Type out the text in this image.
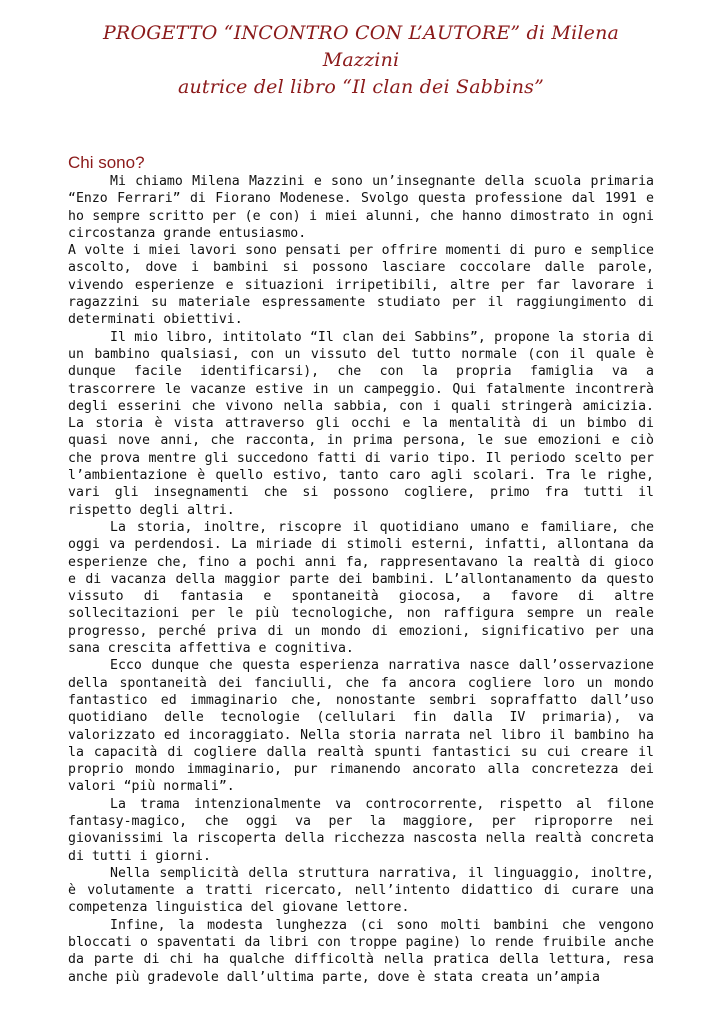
PROGETTO “INCONTRO CON L’AUTORE” di Milena Mazzini
autrice del libro “Il clan dei Sabbins”
Chi sono?

Mi chiamo Milena Mazzini e sono un’insegnante della scuola primaria “Enzo Ferrari” di Fiorano Modenese. Svolgo questa professione dal 1991 e ho sempre scritto per (e con) i miei alunni, che hanno dimostrato in ogni circostanza grande entusiasmo.

A volte i miei lavori sono pensati per offrire momenti di puro e semplice ascolto, dove i bambini si possono lasciare coccolare dalle parole, vivendo esperienze e situazioni irripetibili, altre per far lavorare i ragazzini su materiale espressamente studiato per il raggiungimento di determinati obiettivi.

Il mio libro, intitolato “Il clan dei Sabbins”, propone la storia di un bambino qualsiasi, con un vissuto del tutto normale (con il quale è dunque facile identificarsi), che con la propria famiglia va a trascorrere le vacanze estive in un campeggio. Qui fatalmente incontrerà degli esserini che vivono nella sabbia, con i quali stringerà amicizia. La storia è vista attraverso gli occhi e la mentalità di un bimbo di quasi nove anni, che racconta, in prima persona, le sue emozioni e ciò che prova mentre gli succedono fatti di vario tipo. Il periodo scelto per l’ambientazione è quello estivo, tanto caro agli scolari. Tra le righe, vari gli insegnamenti che si possono cogliere, primo fra tutti il rispetto degli altri.

La storia, inoltre, riscopre il quotidiano umano e familiare, che oggi va perdendosi. La miriade di stimoli esterni, infatti, allontana da esperienze che, fino a pochi anni fa, rappresentavano la realtà di gioco e di vacanza della maggior parte dei bambini. L’allontanamento da questo vissuto di fantasia e spontaneità giocosa, a favore di altre sollecitazioni per le più tecnologiche, non raffigura sempre un reale progresso, perché priva di un mondo di emozioni, significativo per una sana crescita affettiva e cognitiva.

Ecco dunque che questa esperienza narrativa nasce dall’osservazione della spontaneità dei fanciulli, che fa ancora cogliere loro un mondo fantastico ed immaginario che, nonostante sembri sopraffatto dall’uso quotidiano delle tecnologie (cellulari fin dalla IV primaria), va valorizzato ed incoraggiato. Nella storia narrata nel libro il bambino ha la capacità di cogliere dalla realtà spunti fantastici su cui creare il proprio mondo immaginario, pur rimanendo ancorato alla concretezza dei valori “più normali”.

La trama intenzionalmente va controcorrente, rispetto al filone fantasy-magico, che oggi va per la maggiore, per riproporre nei giovanissimi la riscoperta della ricchezza nascosta nella realtà concreta di tutti i giorni.

Nella semplicità della struttura narrativa, il linguaggio, inoltre, è volutamente a tratti ricercato, nell’intento didattico di curare una competenza linguistica del giovane lettore.

Infine, la modesta lunghezza (ci sono molti bambini che vengono bloccati o spaventati da libri con troppe pagine) lo rende fruibile anche da parte di chi ha qualche difficoltà nella pratica della lettura, resa anche più gradevole dall’ultima parte, dove è stata creata un’ampia
